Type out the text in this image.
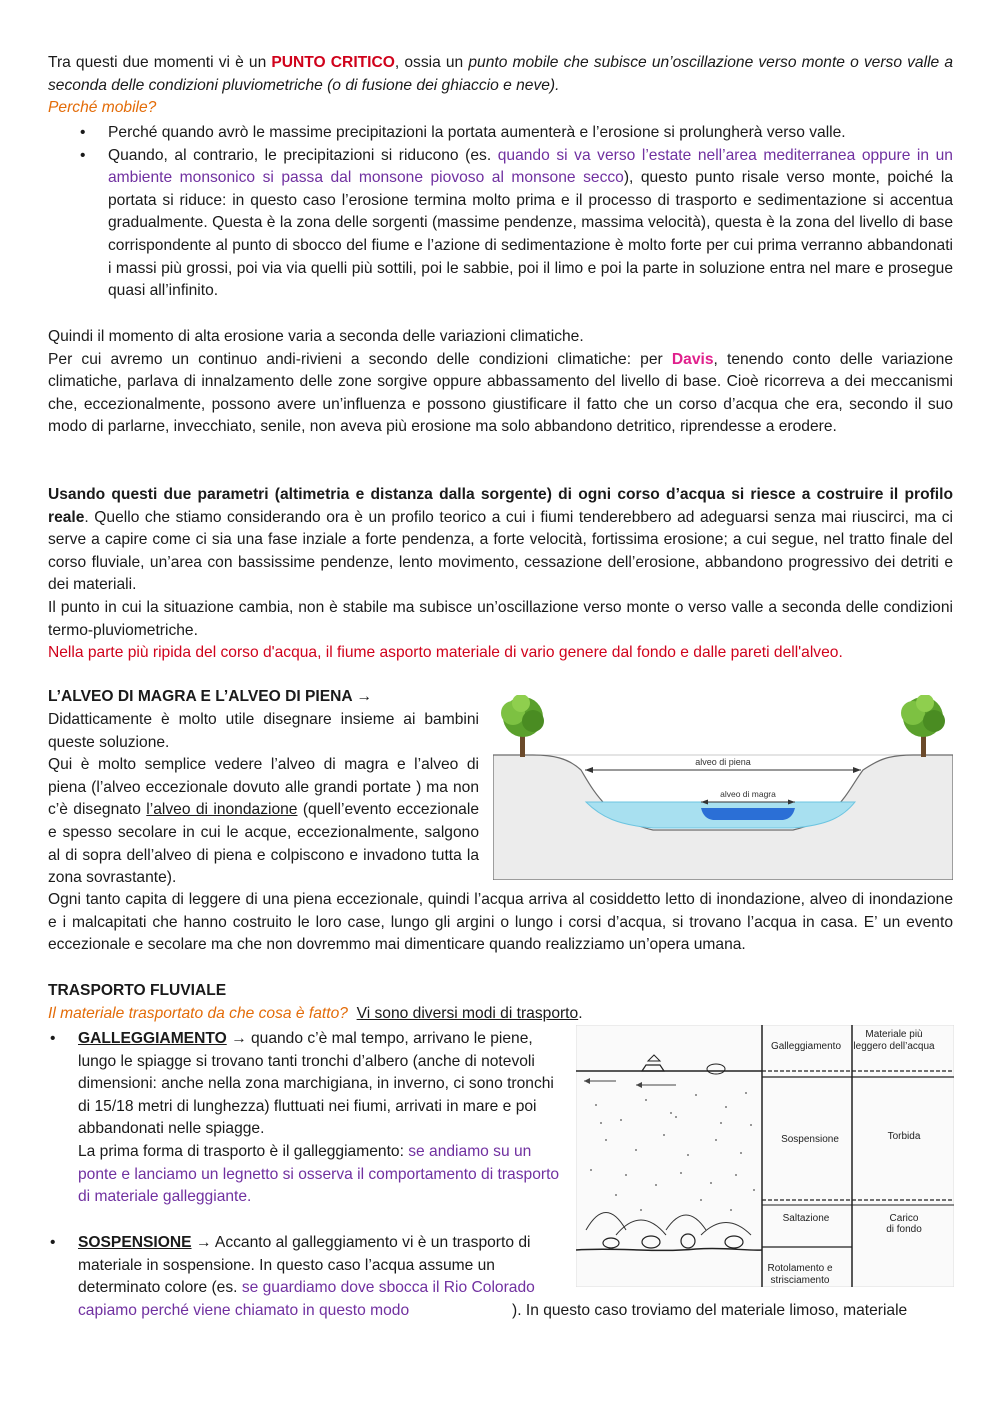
Tra questi due momenti vi è un PUNTO CRITICO, ossia un punto mobile che subisce un’oscillazione verso monte o verso valle a seconda delle condizioni pluviometriche (o di fusione dei ghiaccio e neve).
Perché mobile?
• Perché quando avrò le massime precipitazioni la portata aumenterà e l’erosione si prolungherà verso valle.
• Quando, al contrario, le precipitazioni si riducono (es. quando si va verso l’estate nell’area mediterranea oppure in un ambiente monsonico si passa dal monsone piovoso al monsone secco), questo punto risale verso monte, poiché la portata si riduce: in questo caso l’erosione termina molto prima e il processo di trasporto e sedimentazione si accentua gradualmente. Questa è la zona delle sorgenti (massime pendenze, massima velocità), questa è la zona del livello di base corrispondente al punto di sbocco del fiume e l’azione di sedimentazione è molto forte per cui prima verranno abbandonati i massi più grossi, poi via via quelli più sottili, poi le sabbie, poi il limo e poi la parte in soluzione entra nel mare e prosegue quasi all’infinito.

Quindi il momento di alta erosione varia a seconda delle variazioni climatiche.

Per cui avremo un continuo andi-rivieni a secondo delle condizioni climatiche: per Davis, tenendo conto delle variazione climatiche, parlava di innalzamento delle zone sorgive oppure abbassamento del livello di base. Cioè ricorreva a dei meccanismi che, eccezionalmente, possono avere un’influenza e possono giustificare il fatto che un corso d’acqua che era, secondo il suo modo di parlarne, invecchiato, senile, non aveva più erosione ma solo abbandono detritico, riprendesse a erodere.

Usando questi due parametri (altimetria e distanza dalla sorgente) di ogni corso d’acqua si riesce a costruire il profilo reale. Quello che stiamo considerando ora è un profilo teorico a cui i fiumi tenderebbero ad adeguarsi senza mai riuscirci, ma ci serve a capire come ci sia una fase inziale a forte pendenza, a forte velocità, fortissima erosione; a cui segue, nel tratto finale del corso fluviale, un’area con bassissime pendenze, lento movimento, cessazione dell’erosione, abbandono progressivo dei detriti e dei materiali.

Il punto in cui la situazione cambia, non è stabile ma subisce un’oscillazione verso monte o verso valle a seconda delle condizioni termo-pluviometriche.

Nella parte più ripida del corso d'acqua, il fiume asporto materiale di vario genere dal fondo e dalle pareti dell'alveo.

L’ALVEO DI MAGRA E L’ALVEO DI PIENA →

Didatticamente è molto utile disegnare insieme ai bambini queste soluzione.

Qui è molto semplice vedere l’alveo di magra e l’alveo di piena (l’alveo eccezionale dovuto alle grandi portate ) ma non c’è disegnato l’alveo di inondazione (quell’evento eccezionale e spesso secolare in cui le acque, eccezionalmente, salgono al di sopra dell’alveo di piena e colpiscono e invadono tutta la zona sovrastante).

alveo di piena
alveo di magra
Ogni tanto capita di leggere di una piena eccezionale, quindi l’acqua arriva al cosiddetto letto di inondazione, alveo di inondazione e i malcapitati che hanno costruito le loro case, lungo gli argini o lungo i corsi d’acqua, si trovano l’acqua in casa. E’ un evento eccezionale e secolare ma che non dovremmo mai dimenticare quando realizziamo un’opera umana.
TRASPORTO FLUVIALE
Il materiale trasportato da che cosa è fatto? Vi sono diversi modi di trasporto.
• GALLEGGIAMENTO → quando c’è mal tempo, arrivano le piene, lungo le spiagge si trovano tanti tronchi d’albero (anche di notevoli dimensioni: anche nella zona marchigiana, in inverno, ci sono tronchi di 15/18 metri di lunghezza) fluttuati nei fiumi, arrivati in mare e poi abbandonati nelle spiagge.
La prima forma di trasporto è il galleggiamento: se andiamo su un ponte e lanciamo un legnetto si osserva il comportamento di trasporto di materiale galleggiante.
• SOSPENSIONE → Accanto al galleggiamento vi è un trasporto di materiale in sospensione. In questo caso l’acqua assume un determinato colore (es. se guardiamo dove sbocca il Rio Colorado capiamo perché viene chiamato in questo modo	). In questo caso troviamo del materiale limoso, materiale
Galleggiamento
Materiale più
leggero dell’acqua
Sospensione	Torbida
Saltazione	Carico
di fondo
Rotolamento e
strisciamento
